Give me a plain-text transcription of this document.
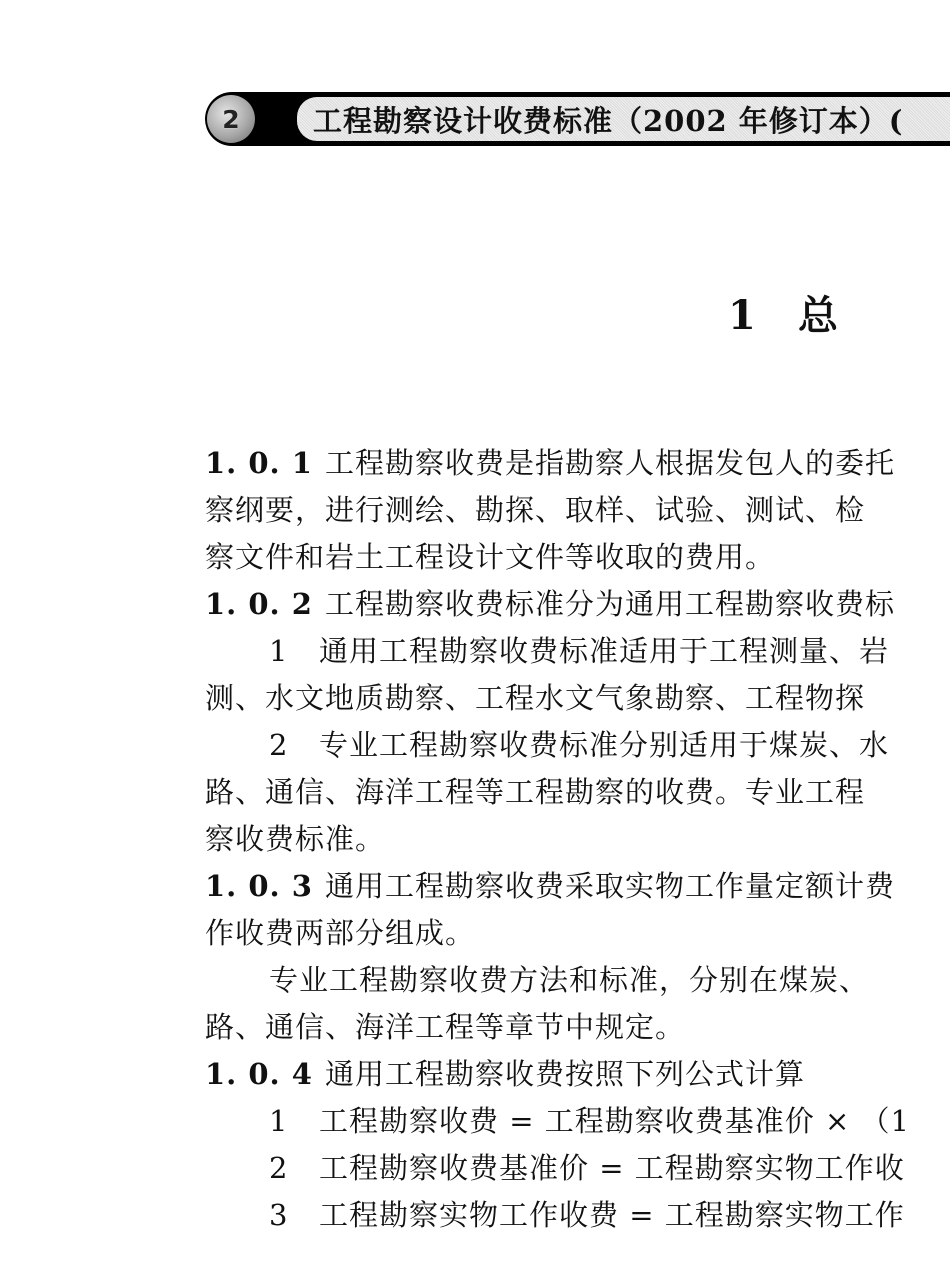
2	工程勘察设计收费标准（2002 年修订本）(
1 总
1. 0. 1 工程勘察收费是指勘察人根据发包人的委托
察纲要，进行测绘、勘探、取样、试验、测试、检
察文件和岩土工程设计文件等收取的费用。
1. 0. 2 工程勘察收费标准分为通用工程勘察收费标
1 通用工程勘察收费标准适用于工程测量、岩
测、水文地质勘察、工程水文气象勘察、工程物探
2 专业工程勘察收费标准分别适用于煤炭、水
路、通信、海洋工程等工程勘察的收费。专业工程
察收费标准。
1. 0. 3 通用工程勘察收费采取实物工作量定额计费
作收费两部分组成。
专业工程勘察收费方法和标准，分别在煤炭、
路、通信、海洋工程等章节中规定。
1. 0. 4 通用工程勘察收费按照下列公式计算
1 工程勘察收费 = 工程勘察收费基准价 × （1
2 工程勘察收费基准价 = 工程勘察实物工作收
3 工程勘察实物工作收费 = 工程勘察实物工作
